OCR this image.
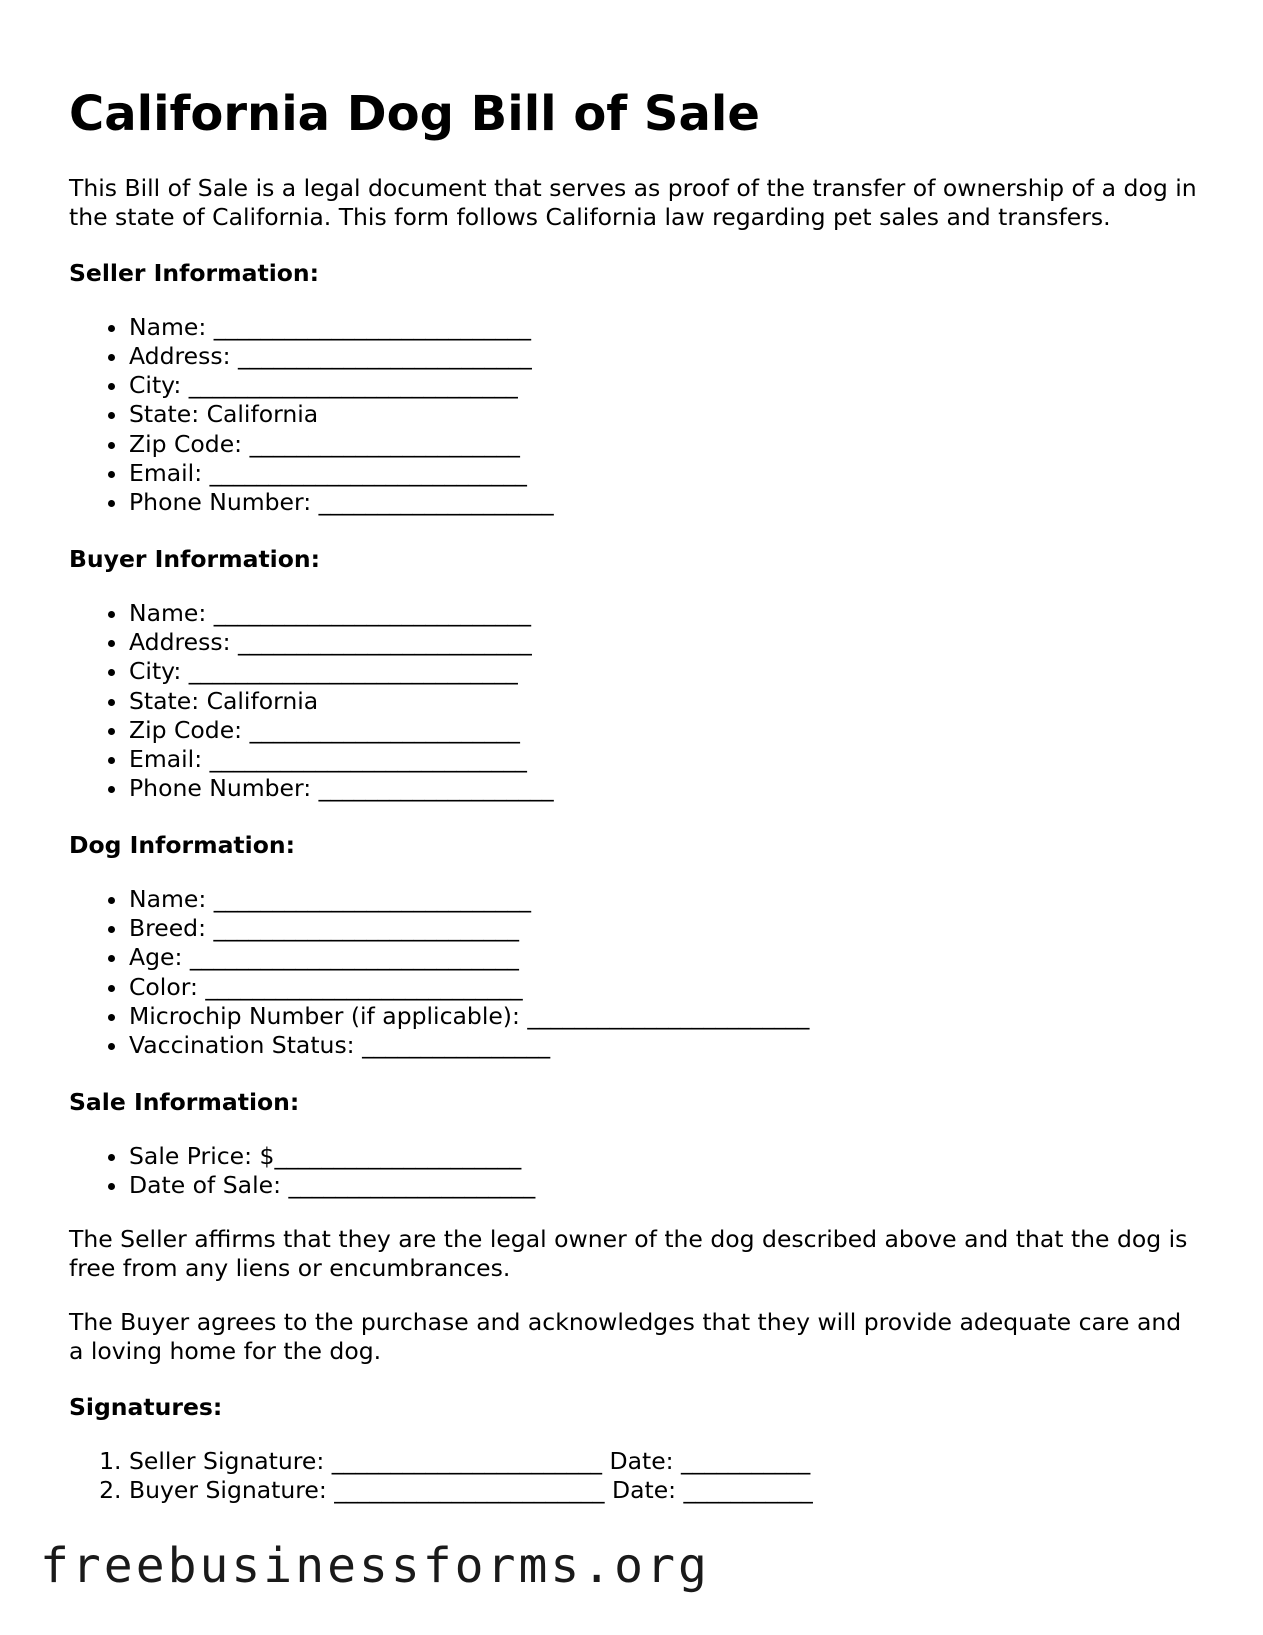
California Dog Bill of Sale

This Bill of Sale is a legal document that serves as proof of the transfer of ownership of a dog in the state of California. This form follows California law regarding pet sales and transfers.

Seller Information:
• Name: ___________________________
• Address: _________________________
• City: ____________________________
• State: California
• Zip Code: _______________________
• Email: ___________________________
• Phone Number: ____________________
Buyer Information:
• Name: ___________________________
• Address: _________________________
• City: ____________________________
• State: California
• Zip Code: _______________________
• Email: ___________________________
• Phone Number: ____________________
Dog Information:
• Name: ___________________________
• Breed: __________________________
• Age: ____________________________
• Color: ___________________________
• Microchip Number (if applicable): ________________________
• Vaccination Status: ________________
Sale Information:
• Sale Price: $_____________________
• Date of Sale: _____________________

The Seller affirms that they are the legal owner of the dog described above and that the dog is free from any liens or encumbrances.

The Buyer agrees to the purchase and acknowledges that they will provide adequate care and a loving home for the dog.

Signatures:
1. Seller Signature: _______________________ Date: ___________
2. Buyer Signature: _______________________ Date: ___________
freebusinessforms.org
